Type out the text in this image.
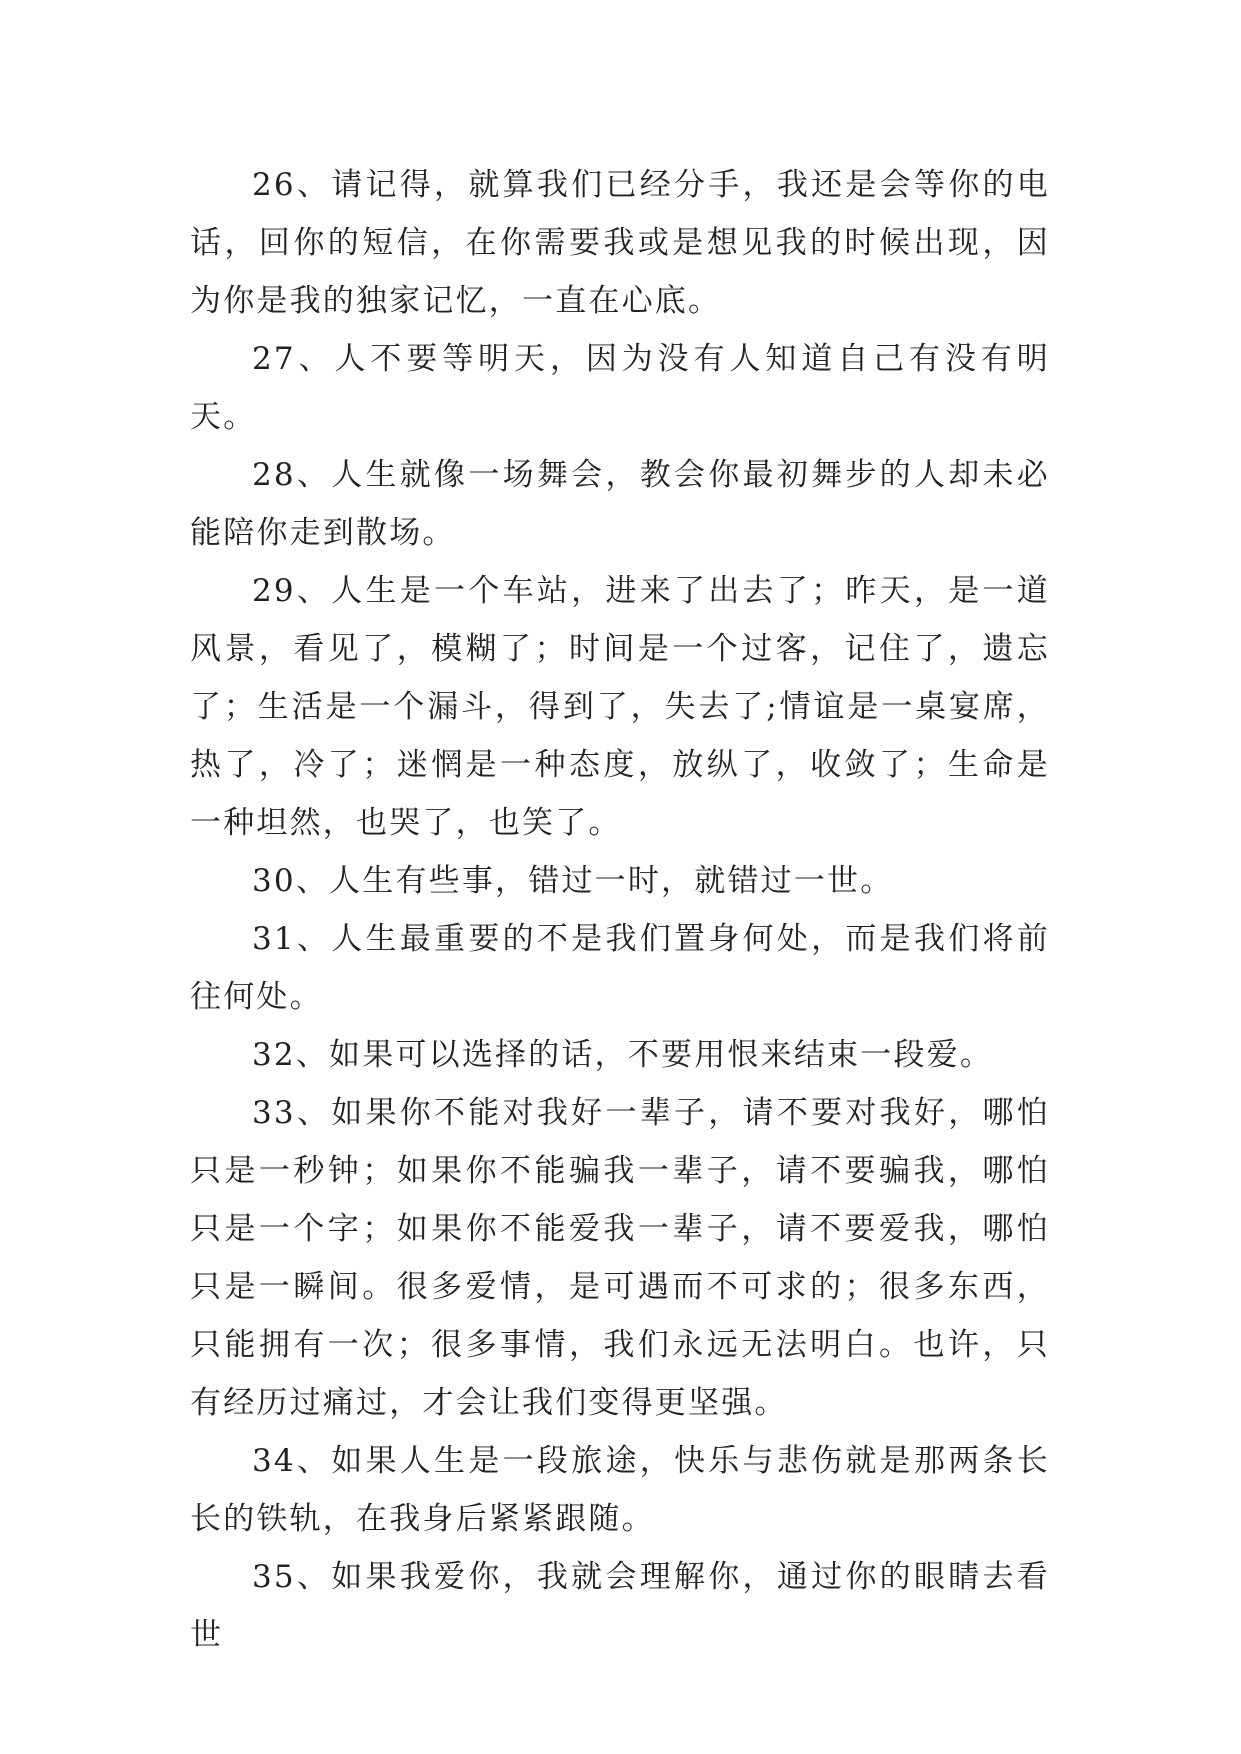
26、请记得，就算我们已经分手，我还是会等你的电话，回你的短信，在你需要我或是想见我的时候出现，因为你是我的独家记忆，一直在心底。

27、人不要等明天，因为没有人知道自己有没有明天。

28、人生就像一场舞会，教会你最初舞步的人却未必能陪你走到散场。

29、人生是一个车站，进来了出去了；昨天，是一道风景，看见了，模糊了；时间是一个过客，记住了，遗忘了；生活是一个漏斗，得到了，失去了;情谊是一桌宴席，热了，冷了；迷惘是一种态度，放纵了，收敛了；生命是一种坦然，也哭了，也笑了。

30、人生有些事，错过一时，就错过一世。

31、人生最重要的不是我们置身何处，而是我们将前往何处。

32、如果可以选择的话，不要用恨来结束一段爱。

33、如果你不能对我好一辈子，请不要对我好，哪怕只是一秒钟；如果你不能骗我一辈子，请不要骗我，哪怕只是一个字；如果你不能爱我一辈子，请不要爱我，哪怕只是一瞬间。很多爱情，是可遇而不可求的；很多东西，只能拥有一次；很多事情，我们永远无法明白。也许，只有经历过痛过，才会让我们变得更坚强。

34、如果人生是一段旅途，快乐与悲伤就是那两条长长的铁轨，在我身后紧紧跟随。

35、如果我爱你，我就会理解你，通过你的眼睛去看世
